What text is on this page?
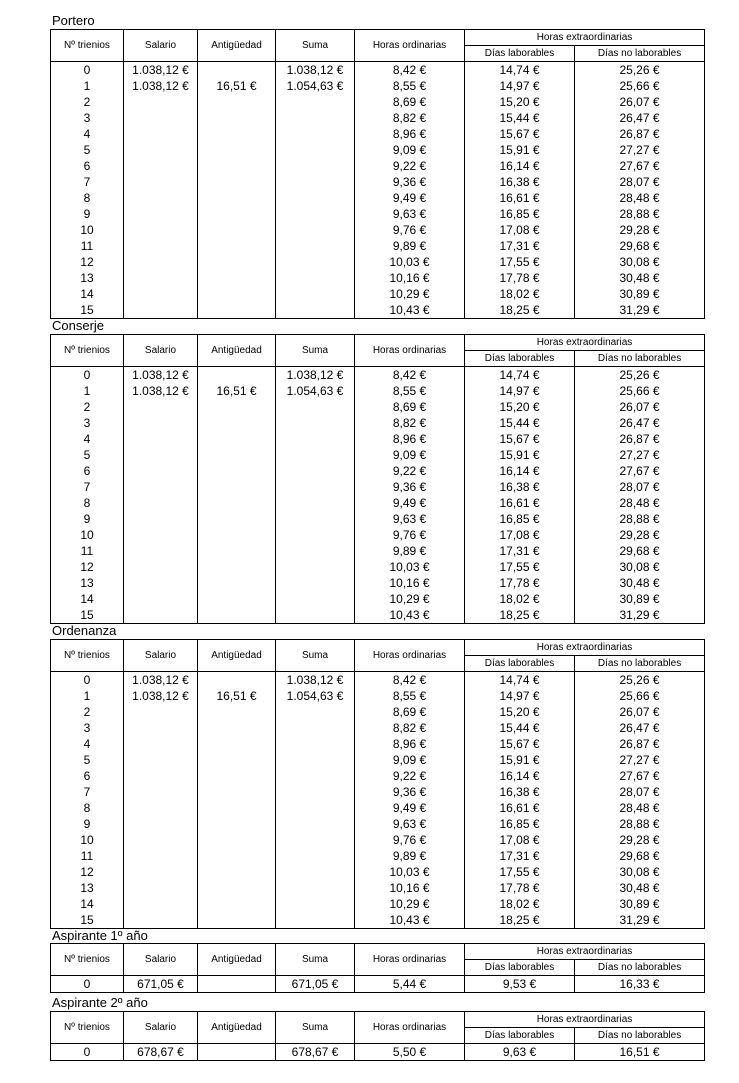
Portero
Nº trienios	Salario	Antigüedad	Suma	Horas ordinarias	Horas extraordinarias	
					Días laborables	Días no laborables
0	1.038,12 €		1.038,12 €	8,42 €	14,74 €	25,26 €
1	1.038,12 €	16,51 €	1.054,63 €	8,55 €	14,97 €	25,66 €
2				8,69 €	15,20 €	26,07 €
3				8,82 €	15,44 €	26,47 €
4				8,96 €	15,67 €	26,87 €
5				9,09 €	15,91 €	27,27 €
6				9,22 €	16,14 €	27,67 €
7				9,36 €	16,38 €	28,07 €
8				9,49 €	16,61 €	28,48 €
9				9,63 €	16,85 €	28,88 €
10				9,76 €	17,08 €	29,28 €
11				9,89 €	17,31 €	29,68 €
12				10,03 €	17,55 €	30,08 €
13				10,16 €	17,78 €	30,48 €
14				10,29 €	18,02 €	30,89 €
15				10,43 €	18,25 €	31,29 €
Conserje
Nº trienios	Salario	Antigüedad	Suma	Horas ordinarias	Horas extraordinarias	
					Días laborables	Días no laborables
0	1.038,12 €		1.038,12 €	8,42 €	14,74 €	25,26 €
1	1.038,12 €	16,51 €	1.054,63 €	8,55 €	14,97 €	25,66 €
2				8,69 €	15,20 €	26,07 €
3				8,82 €	15,44 €	26,47 €
4				8,96 €	15,67 €	26,87 €
5				9,09 €	15,91 €	27,27 €
6				9,22 €	16,14 €	27,67 €
7				9,36 €	16,38 €	28,07 €
8				9,49 €	16,61 €	28,48 €
9				9,63 €	16,85 €	28,88 €
10				9,76 €	17,08 €	29,28 €
11				9,89 €	17,31 €	29,68 €
12				10,03 €	17,55 €	30,08 €
13				10,16 €	17,78 €	30,48 €
14				10,29 €	18,02 €	30,89 €
15				10,43 €	18,25 €	31,29 €
Ordenanza
Nº trienios	Salario	Antigüedad	Suma	Horas ordinarias	Horas extraordinarias	
					Días laborables	Días no laborables
0	1.038,12 €		1.038,12 €	8,42 €	14,74 €	25,26 €
1	1.038,12 €	16,51 €	1.054,63 €	8,55 €	14,97 €	25,66 €
2				8,69 €	15,20 €	26,07 €
3				8,82 €	15,44 €	26,47 €
4				8,96 €	15,67 €	26,87 €
5				9,09 €	15,91 €	27,27 €
6				9,22 €	16,14 €	27,67 €
7				9,36 €	16,38 €	28,07 €
8				9,49 €	16,61 €	28,48 €
9				9,63 €	16,85 €	28,88 €
10				9,76 €	17,08 €	29,28 €
11				9,89 €	17,31 €	29,68 €
12				10,03 €	17,55 €	30,08 €
13				10,16 €	17,78 €	30,48 €
14				10,29 €	18,02 €	30,89 €
15				10,43 €	18,25 €	31,29 €
Aspirante 1º año
Nº trienios	Salario	Antigüedad	Suma	Horas ordinarias	Horas extraordinarias	
					Días laborables	Días no laborables
0	671,05 €		671,05 €	5,44 €	9,53 €	16,33 €
Aspirante 2º año
Nº trienios	Salario	Antigüedad	Suma	Horas ordinarias	Horas extraordinarias	
					Días laborables	Días no laborables
0	678,67 €		678,67 €	5,50 €	9,63 €	16,51 €
